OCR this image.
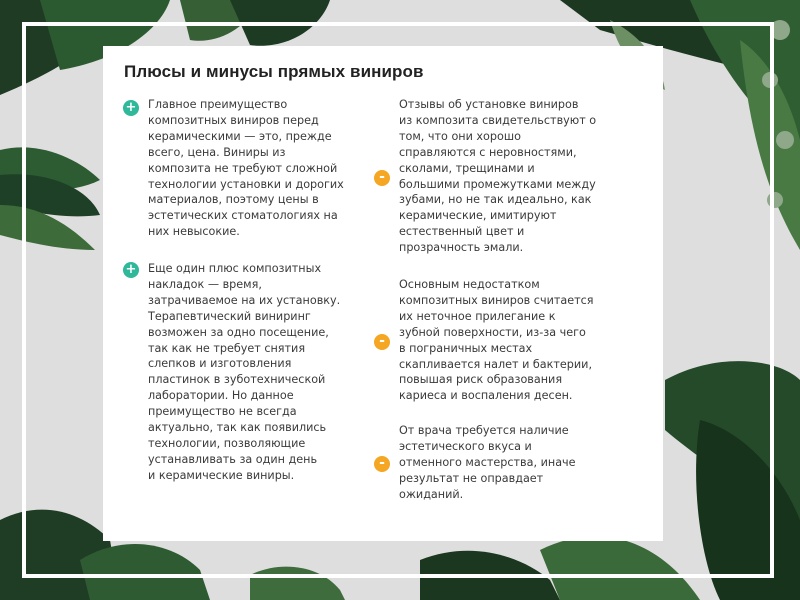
Плюсы и минусы прямых виниров
+ Главное преимущество

композитных виниров перед

керамическими — это, прежде

всего, цена. Виниры из

композита не требуют сложной

технологии установки и дорогих

материалов, поэтому цены в

эстетических стоматологиях на

них невысокие.

+ Еще один плюс композитных

накладок — время,

затрачиваемое на их установку.

Терапевтический виниринг

возможен за одно посещение,

так как не требует снятия

слепков и изготовления

пластинок в зуботехнической

лаборатории. Но данное

преимущество не всегда

актуально, так как появились

технологии, позволяющие

устанавливать за один день

и керамические виниры.

-

Отзывы об установке виниров

из композита свидетельствуют о

том, что они хорошо

справляются с неровностями,

сколами, трещинами и

большими промежутками между

зубами, но не так идеально, как

керамические, имитируют

естественный цвет и

прозрачность эмали.

-

Основным недостатком

композитных виниров считается

их неточное прилегание к

зубной поверхности, из-за чего

в пограничных местах

скапливается налет и бактерии,

повышая риск образования

кариеса и воспаления десен.

-

От врача требуется наличие

эстетического вкуса и

отменного мастерства, иначе

результат не оправдает

ожиданий.
